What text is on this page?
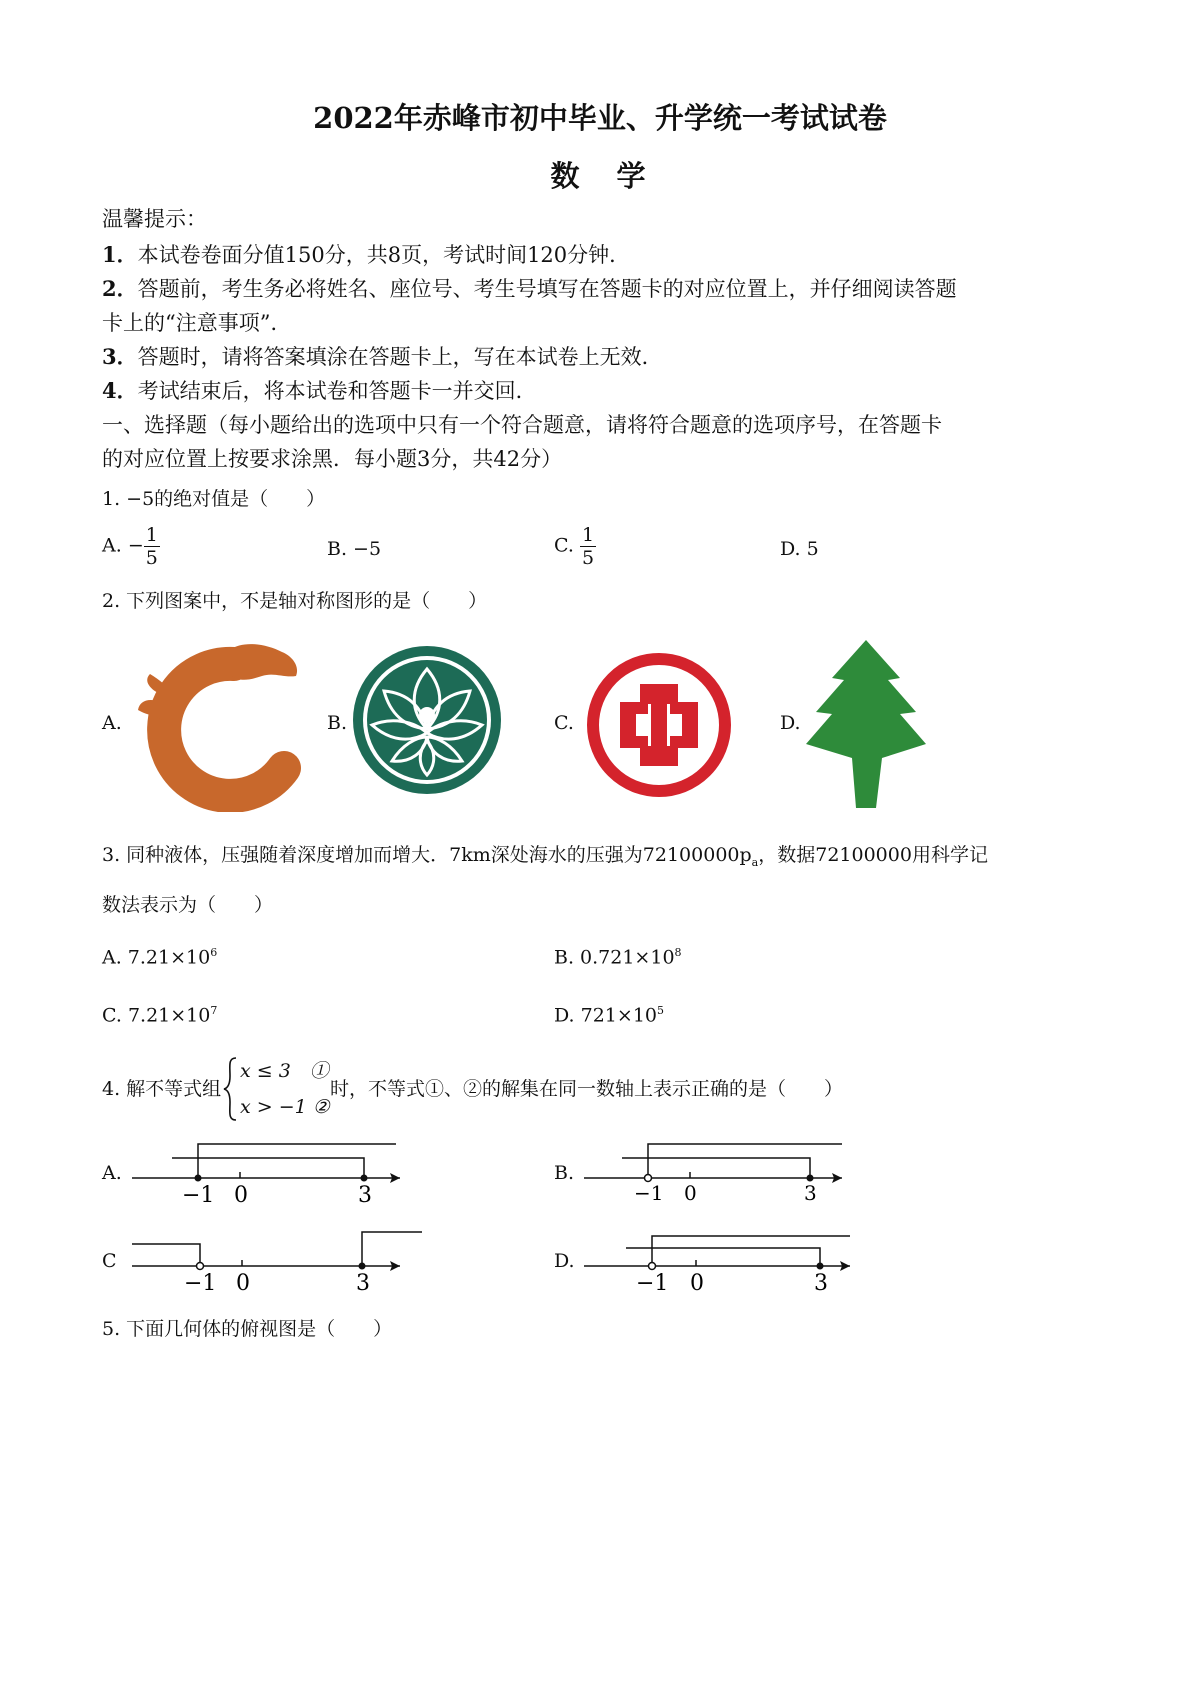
2022年赤峰市初中毕业、升学统一考试试卷
数　学
温馨提示：
1．本试卷卷面分值150分，共8页，考试时间120分钟．
2．答题前，考生务必将姓名、座位号、考生号填写在答题卡的对应位置上，并仔细阅读答题
卡上的“注意事项”．
3．答题时，请将答案填涂在答题卡上，写在本试卷上无效．
4．考试结束后，将本试卷和答题卡一并交回．
一、选择题（每小题给出的选项中只有一个符合题意，请将符合题意的选项序号，在答题卡
的对应位置上按要求涂黑．每小题3分，共42分）
1. −5的绝对值是（　　）
A. − $\frac{1}{5}$	B. −5	C. $\frac{1}{5}$	D. 5
2. 下列图案中，不是轴对称图形的是（　　）
A.	B.	C.	D.
3. 同种液体，压强随着深度增加而增大．7km深处海水的压强为$72100000p_a$，数据72100000用科学记
数法表示为（　　）
A. $7.21\times 10^6$	B. $0.721\times 10^8$
C. $7.21\times 10^7$	D. $721\times 10^5$
4. 解不等式组
x ≤ 3　①
x > −1 ②
时，不等式①、②的解集在同一数轴上表示正确的是（　　）
A.	B.
C	D.
−1 0	3	−1 0	3
−1 0	3	−1 0	3
5. 下面几何体的俯视图是（　　）
